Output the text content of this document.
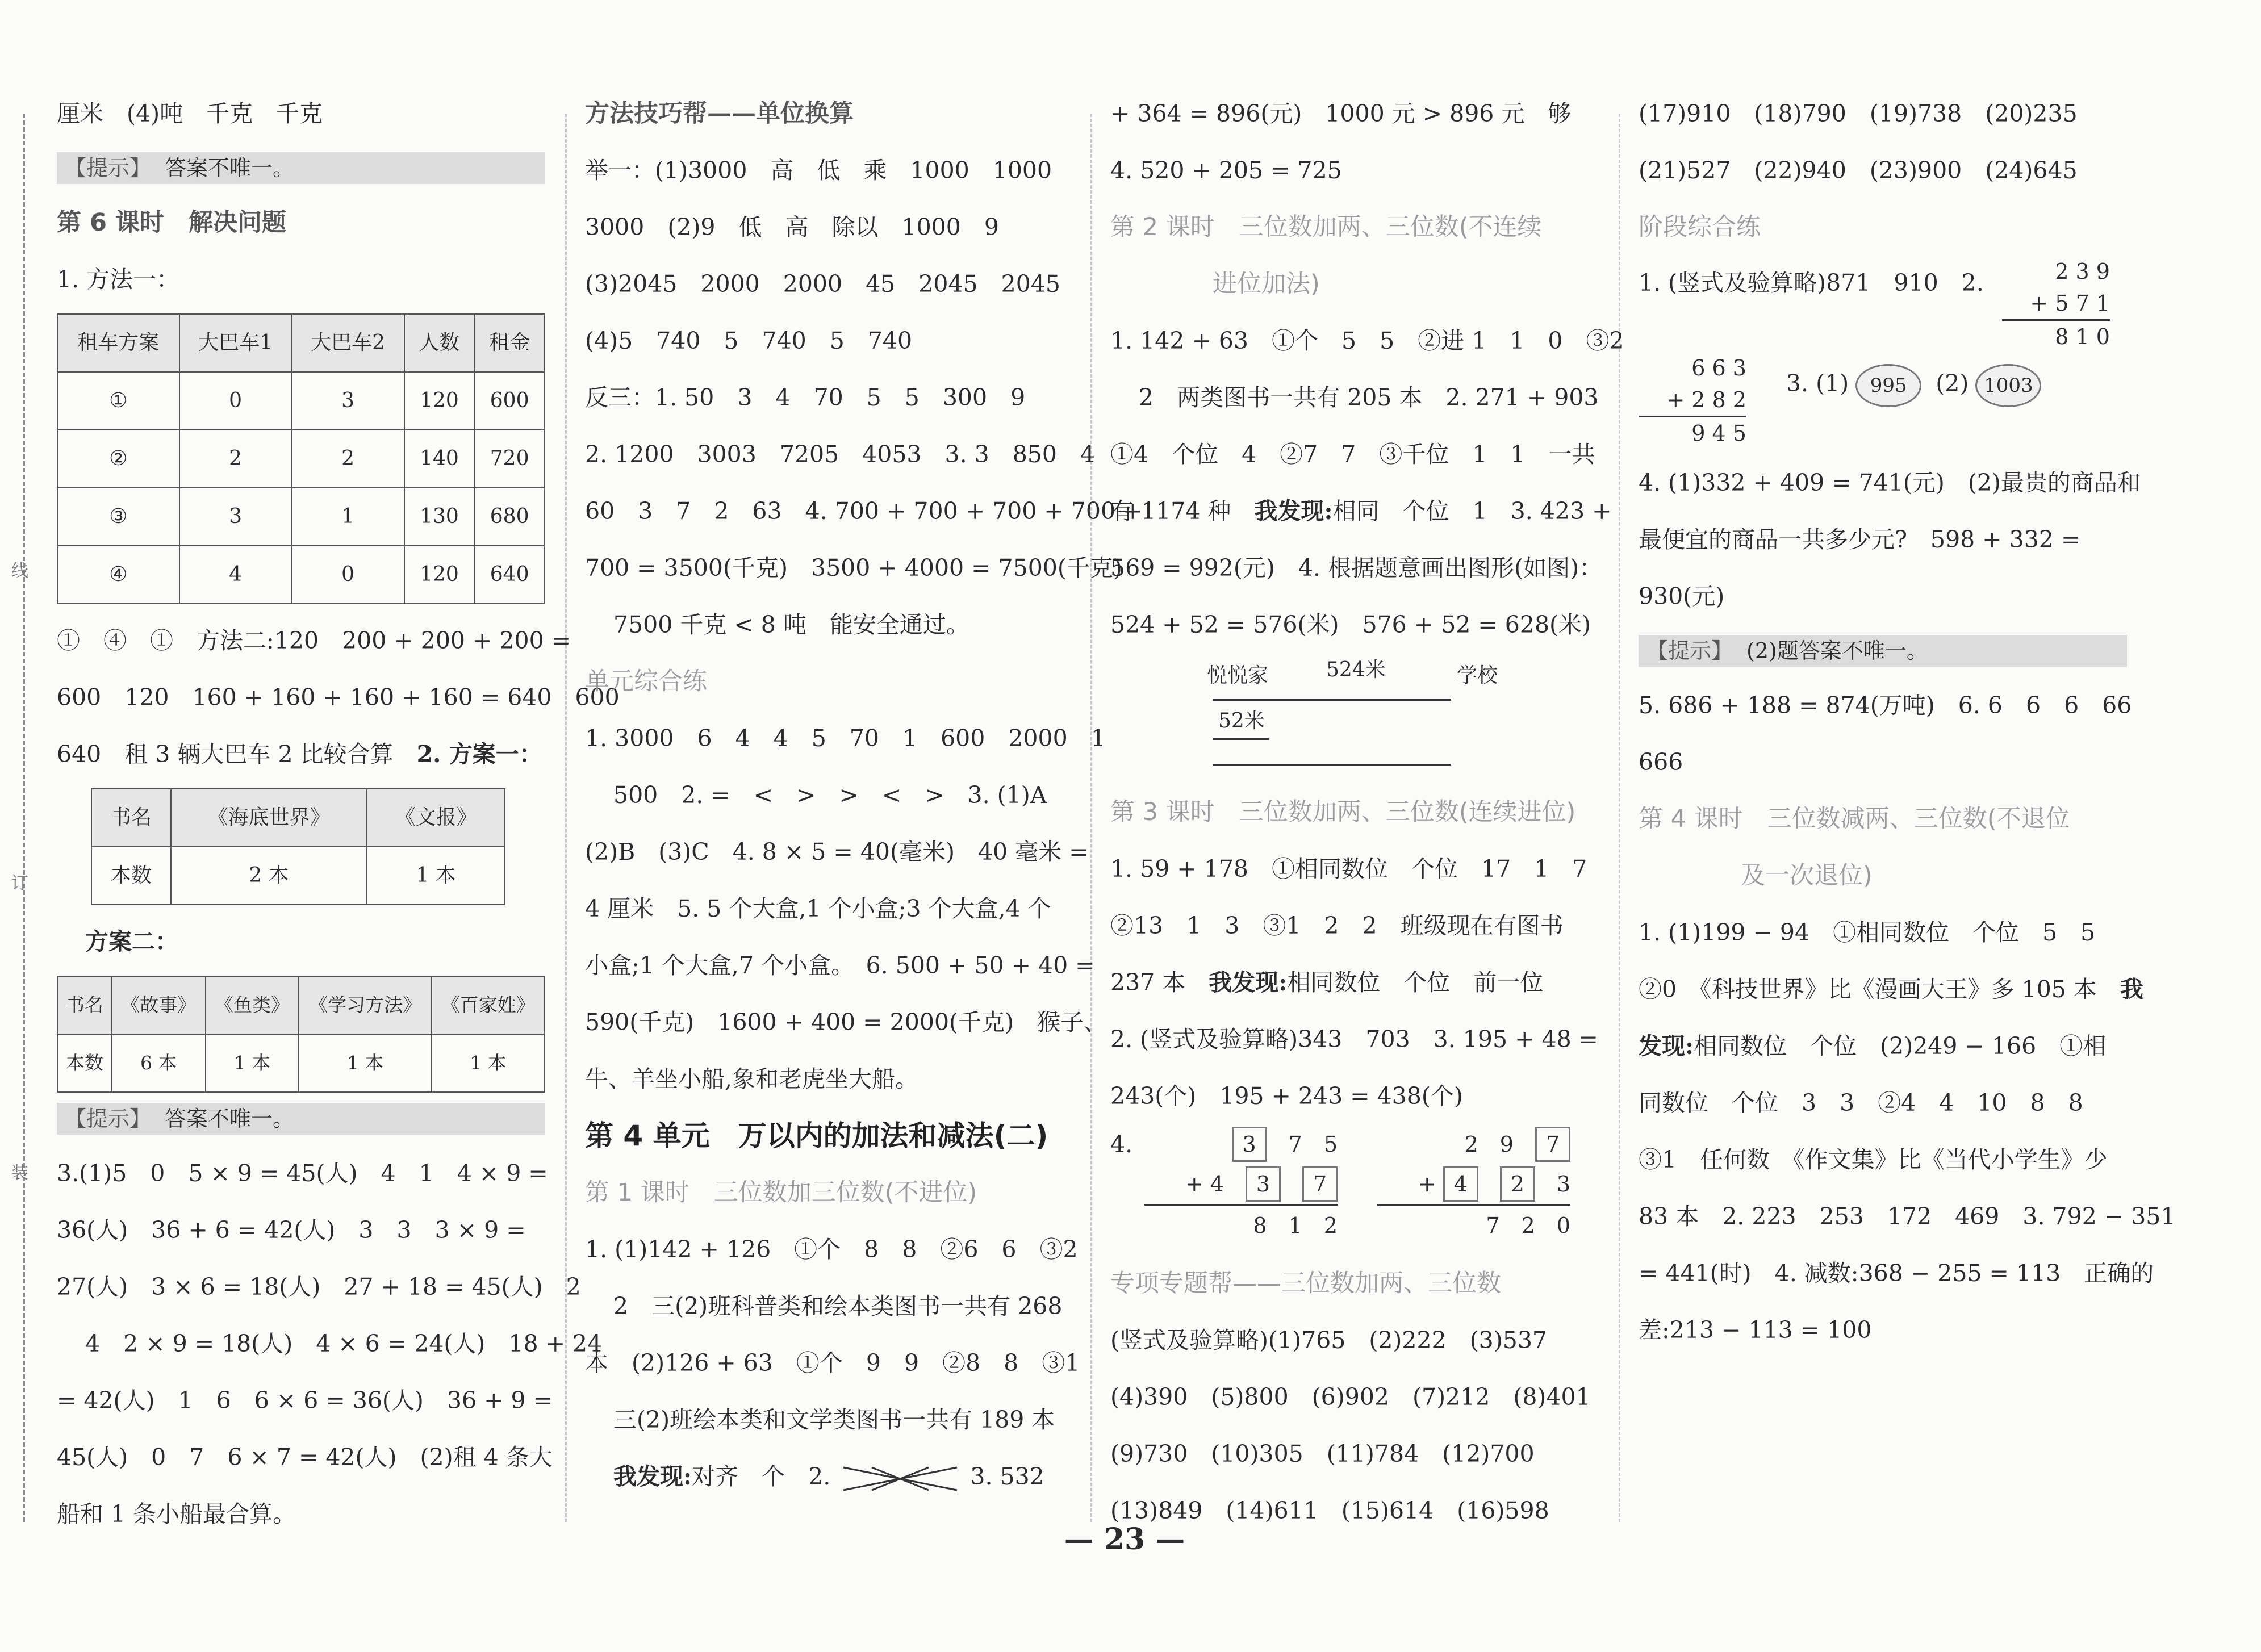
线
订
装

厘米　(4)吨　千克　千克

【提示】 答案不唯一。

第 6 课时　解决问题

1. 方法一：

租车方案	大巴车1	大巴车2	人数	租金
①	0	3	120	600
②	2	2	140	720
③	3	1	130	680
④	4	0	120	640

①　④　①　方法二:120　200 + 200 + 200 =

600　120　160 + 160 + 160 + 160 = 640　600

640　租 3 辆大巴车 2 比较合算　 2. 方案一：

书名	《海底世界》	《文报》
本数	2 本	1 本

方案二：

书名	《故事》	《鱼类》	《学习方法》	《百家姓》
本数	6 本	1 本	1 本	1 本
【提示】 答案不唯一。

3.(1)5　0　5 × 9 = 45(人)　4　1　4 × 9 =

36(人)　36 + 6 = 42(人)　3　3　3 × 9 =

27(人)　3 × 6 = 18(人)　27 + 18 = 45(人)　2

4　2 × 9 = 18(人)　4 × 6 = 24(人)　18 + 24

= 42(人)　1　6　6 × 6 = 36(人)　36 + 9 =

45(人)　0　7　6 × 7 = 42(人)　(2)租 4 条大

船和 1 条小船最合算。

方法技巧帮——单位换算

举一：(1)3000　高　低　乘　1000　1000

3000　(2)9　低　高　除以　1000　9

(3)2045　2000　2000　45　2045　2045

(4)5　740　5　740　5　740

反三：1. 50　3　4　70　5　5　300　9

2. 1200　3003　7205　4053　3. 3　850　4

60　3　7　2　63　4. 700 + 700 + 700 + 700 +

700 = 3500(千克)　3500 + 4000 = 7500(千克)

7500 千克 < 8 吨　能安全通过。

单元综合练

1. 3000　6　4　4　5　70　1　600　2000　1

500　2. =　<　>　>　<　>　3. (1)A

(2)B　(3)C　4. 8 × 5 = 40(毫米)　40 毫米 =

4 厘米　5. 5 个大盒,1 个小盒;3 个大盒,4 个

小盒;1 个大盒,7 个小盒。　6. 500 + 50 + 40 =

590(千克)　1600 + 400 = 2000(千克)　猴子、

牛、羊坐小船,象和老虎坐大船。

第 4 单元　万以内的加法和减法(二)

第 1 课时　三位数加三位数(不进位)

1. (1)142 + 126　①个　8　8　②6　6　③2

2　三(2)班科普类和绘本类图书一共有 268

本　(2)126 + 63　①个　9　9　②8　8　③1

三(2)班绘本类和文学类图书一共有 189 本

我发现:对齐　个　2.	3. 532

+ 364 = 896(元)　1000 元 > 896 元　够

4. 520 + 205 = 725

第 2 课时　三位数加两、三位数(不连续

进位加法)

1. 142 + 63　①个　5　5　②进 1　1　0　③2

2　两类图书一共有 205 本　2. 271 + 903

①4　个位　4　②7　7　③千位　1　1　一共

有 1174 种　 我发现:相同　个位　1　3. 423 +

569 = 992(元)　4. 根据题意画出图形(如图)：

524 + 52 = 576(米)　576 + 52 = 628(米)

悦悦家	524米	学校
52米

第 3 课时　三位数加两、三位数(连续进位)

1. 59 + 178　①相同数位　个位　17　1　7

②13　1　3　③1　2　2　班级现在有图书

237 本　 我发现:相同数位　个位　前一位

2. (竖式及验算略)343　703　3. 195 + 48 =

243(个)　195 + 243 = 438(个)

4.	3　 7　 5
+ 4　 3　 7
8　 1　 2
2　 9　 7
+ 4　 2　 3
7　 2　 0

专项专题帮——三位数加两、三位数

(竖式及验算略)(1)765　(2)222　(3)537

(4)390　(5)800　(6)902　(7)212　(8)401

(9)730　(10)305　(11)784　(12)700

(13)849　(14)611　(15)614　(16)598

(17)910　(18)790　(19)738　(20)235

(21)527　(22)940　(23)900　(24)645

阶段综合练

1. (竖式及验算略)871　910　2.	2 3 9
+ 5 7 1
8 1 0
6 6 3
+ 2 8 2
9 4 5
3. (1) 995 (2) 1003

4. (1)332 + 409 = 741(元)　(2)最贵的商品和

最便宜的商品一共多少元?　598 + 332 =

930(元)

【提示】 (2)题答案不唯一。

5. 686 + 188 = 874(万吨)　6. 6　6　6　66

666

第 4 课时　三位数减两、三位数(不退位

及一次退位)

1. (1)199 − 94　①相同数位　个位　5　5

②0　《科技世界》比《漫画大王》多 105 本　 我

发现:相同数位　个位　(2)249 − 166　①相

同数位　个位　3　3　②4　4　10　8　8

③1　任何数　《作文集》比《当代小学生》少

83 本　2. 223　253　172　469　3. 792 − 351

= 441(时)　4. 减数:368 − 255 = 113　正确的

差:213 − 113 = 100

— 23 —
